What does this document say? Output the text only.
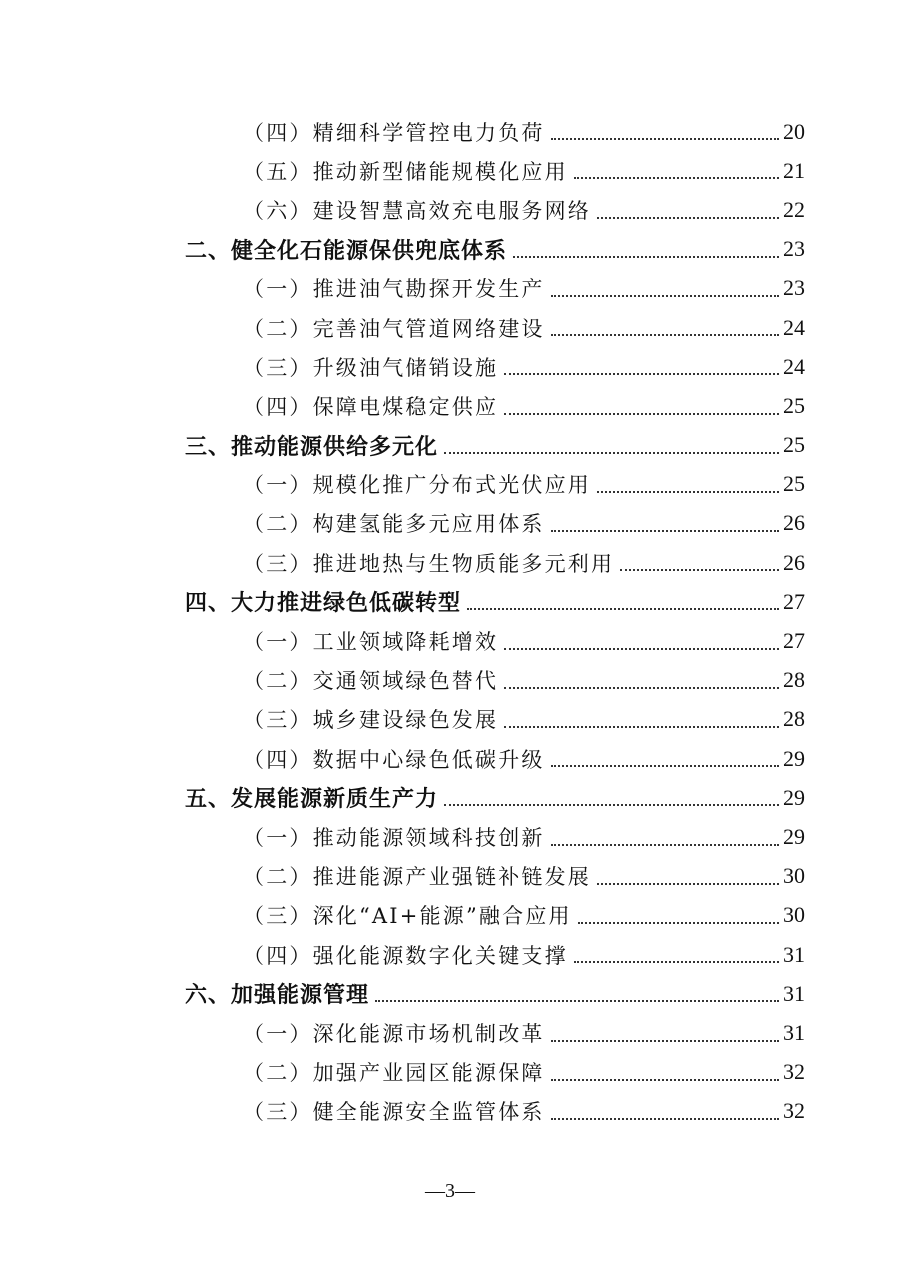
（四）精细科学管控电力负荷	20
（五）推动新型储能规模化应用	21
（六）建设智慧高效充电服务网络	22
二、健全化石能源保供兜底体系	23
（一）推进油气勘探开发生产	23
（二）完善油气管道网络建设	24
（三）升级油气储销设施	24
（四）保障电煤稳定供应	25
三、推动能源供给多元化	25
（一）规模化推广分布式光伏应用	25
（二）构建氢能多元应用体系	26
（三）推进地热与生物质能多元利用	26
四、大力推进绿色低碳转型	27
（一）工业领域降耗增效	27
（二）交通领域绿色替代	28
（三）城乡建设绿色发展	28
（四）数据中心绿色低碳升级	29
五、发展能源新质生产力	29
（一）推动能源领域科技创新	29
（二）推进能源产业强链补链发展	30
（三）深化“AI+能源”融合应用	30
（四）强化能源数字化关键支撑	31
六、加强能源管理	31
（一）深化能源市场机制改革	31
（二）加强产业园区能源保障	32
（三）健全能源安全监管体系	32
—3—
